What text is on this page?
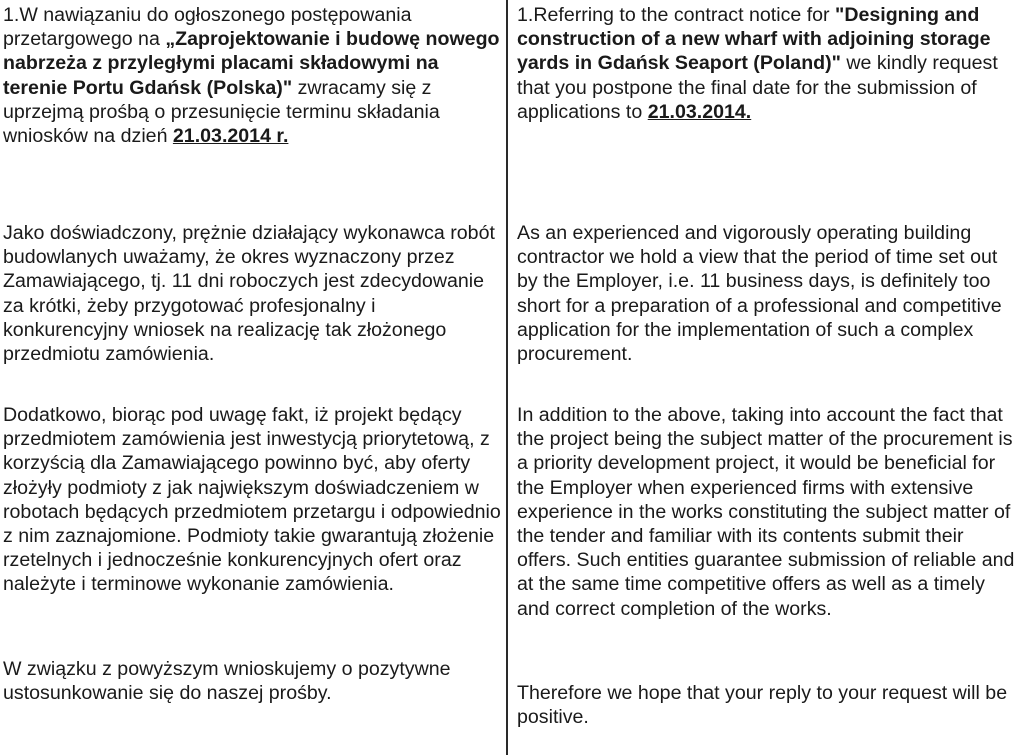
1.W nawiązaniu do ogłoszonego postępowania przetargowego na „Zaprojektowanie i budowę nowego nabrzeża z przyległymi placami składowymi na terenie Portu Gdańsk (Polska)" zwracamy się z uprzejmą prośbą o przesunięcie terminu składania wniosków na dzień 21.03.2014 r.

Jako doświadczony, prężnie działający wykonawca robót budowlanych uważamy, że okres wyznaczony przez Zamawiającego, tj. 11 dni roboczych jest zdecydowanie za krótki, żeby przygotować profesjonalny i konkurencyjny wniosek na realizację tak złożonego przedmiotu zamówienia.

Dodatkowo, biorąc pod uwagę fakt, iż projekt będący przedmiotem zamówienia jest inwestycją priorytetową, z korzyścią dla Zamawiającego powinno być, aby oferty złożyły podmioty z jak największym doświadczeniem w robotach będących przedmiotem przetargu i odpowiednio z nim zaznajomione. Podmioty takie gwarantują złożenie rzetelnych i jednocześnie konkurencyjnych ofert oraz należyte i terminowe wykonanie zamówienia.

W związku z powyższym wnioskujemy o pozytywne ustosunkowanie się do naszej prośby.

1.Referring to the contract notice for "Designing and construction of a new wharf with adjoining storage yards in Gdańsk Seaport (Poland)" we kindly request that you postpone the final date for the submission of applications to 21.03.2014.

As an experienced and vigorously operating building contractor we hold a view that the period of time set out by the Employer, i.e. 11 business days, is definitely too short for a preparation of a professional and competitive application for the implementation of such a complex procurement.

In addition to the above, taking into account the fact that the project being the subject matter of the procurement is a priority development project, it would be beneficial for the Employer when experienced firms with extensive experience in the works constituting the subject matter of the tender and familiar with its contents submit their offers. Such entities guarantee submission of reliable and at the same time competitive offers as well as a timely and correct completion of the works.

Therefore we hope that your reply to your request will be positive.
